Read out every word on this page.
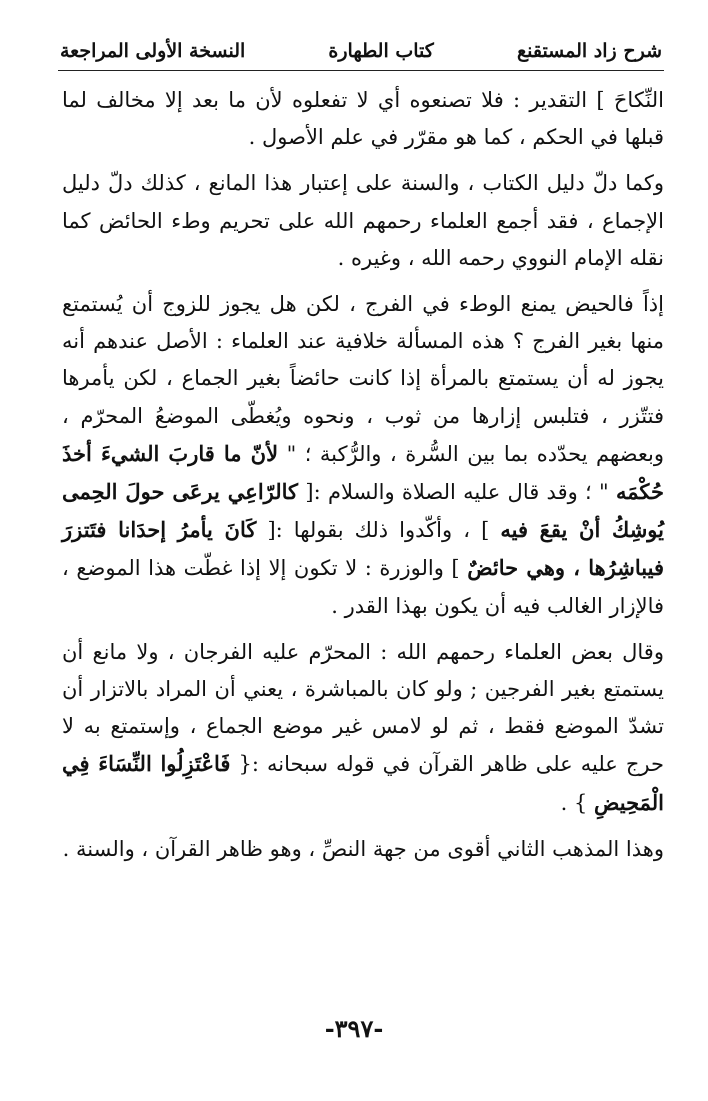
شرح زاد المستقنع
كتاب الطهارة
النسخة الأولى المراجعة

النِّكاحَ ] التقدير : فلا تصنعوه أي لا تفعلوه لأن ما بعد إلا مخالف لما قبلها في الحكم ، كما هو مقرّر في علم الأصول .

وكما دلّ دليل الكتاب ، والسنة على إعتبار هذا المانع ، كذلك دلّ دليل الإجماع ، فقد أجمع العلماء رحمهم الله على تحريم وطء الحائض كما نقله الإمام النووي رحمه الله ، وغيره .

إذاً فالحيض يمنع الوطء في الفرج ، لكن هل يجوز للزوج أن يُستمتع منها بغير الفرج ؟ هذه المسألة خلافية عند العلماء : الأصل عندهم أنه يجوز له أن يستمتع بالمرأة إذا كانت حائضاً بغير الجماع ، لكن يأمرها فتتّزر ، فتلبس إزارها من ثوب ، ونحوه ويُغطّى الموضعُ المحرّم ، وبعضهم يحدّده بما بين السُّرة ، والرُّكبة ؛ " لأنّ ما قاربَ الشيءَ أخذَ حُكْمَه " ؛ وقد قال عليه الصلاة والسلام :[ كالرّاعِي يرعَى حولَ الحِمى يُوشِكُ أنْ يقعَ فيه ] ، وأكّدوا ذلك بقولها :[ كَانَ يأمرُ إحدَانا فتَتزرَ فيباشِرُها ، وهي حائضٌ ] والوزرة : لا تكون إلا إذا غطّت هذا الموضع ، فالإزار الغالب فيه أن يكون بهذا القدر .

وقال بعض العلماء رحمهم الله : المحرّم عليه الفرجان ، ولا مانع أن يستمتع بغير الفرجين ; ولو كان بالمباشرة ، يعني أن المراد بالاتزار أن تشدّ الموضع فقط ، ثم لو لامس غير موضع الجماع ، وإستمتع به لا حرج عليه على ظاهر القرآن في قوله سبحانه :{ فَاعْتَزِلُوا النِّسَاءَ فِي الْمَحِيضِ } .

وهذا المذهب الثاني أقوى من جهة النصِّ ، وهو ظاهر القرآن ، والسنة .

-٣٩٧-
